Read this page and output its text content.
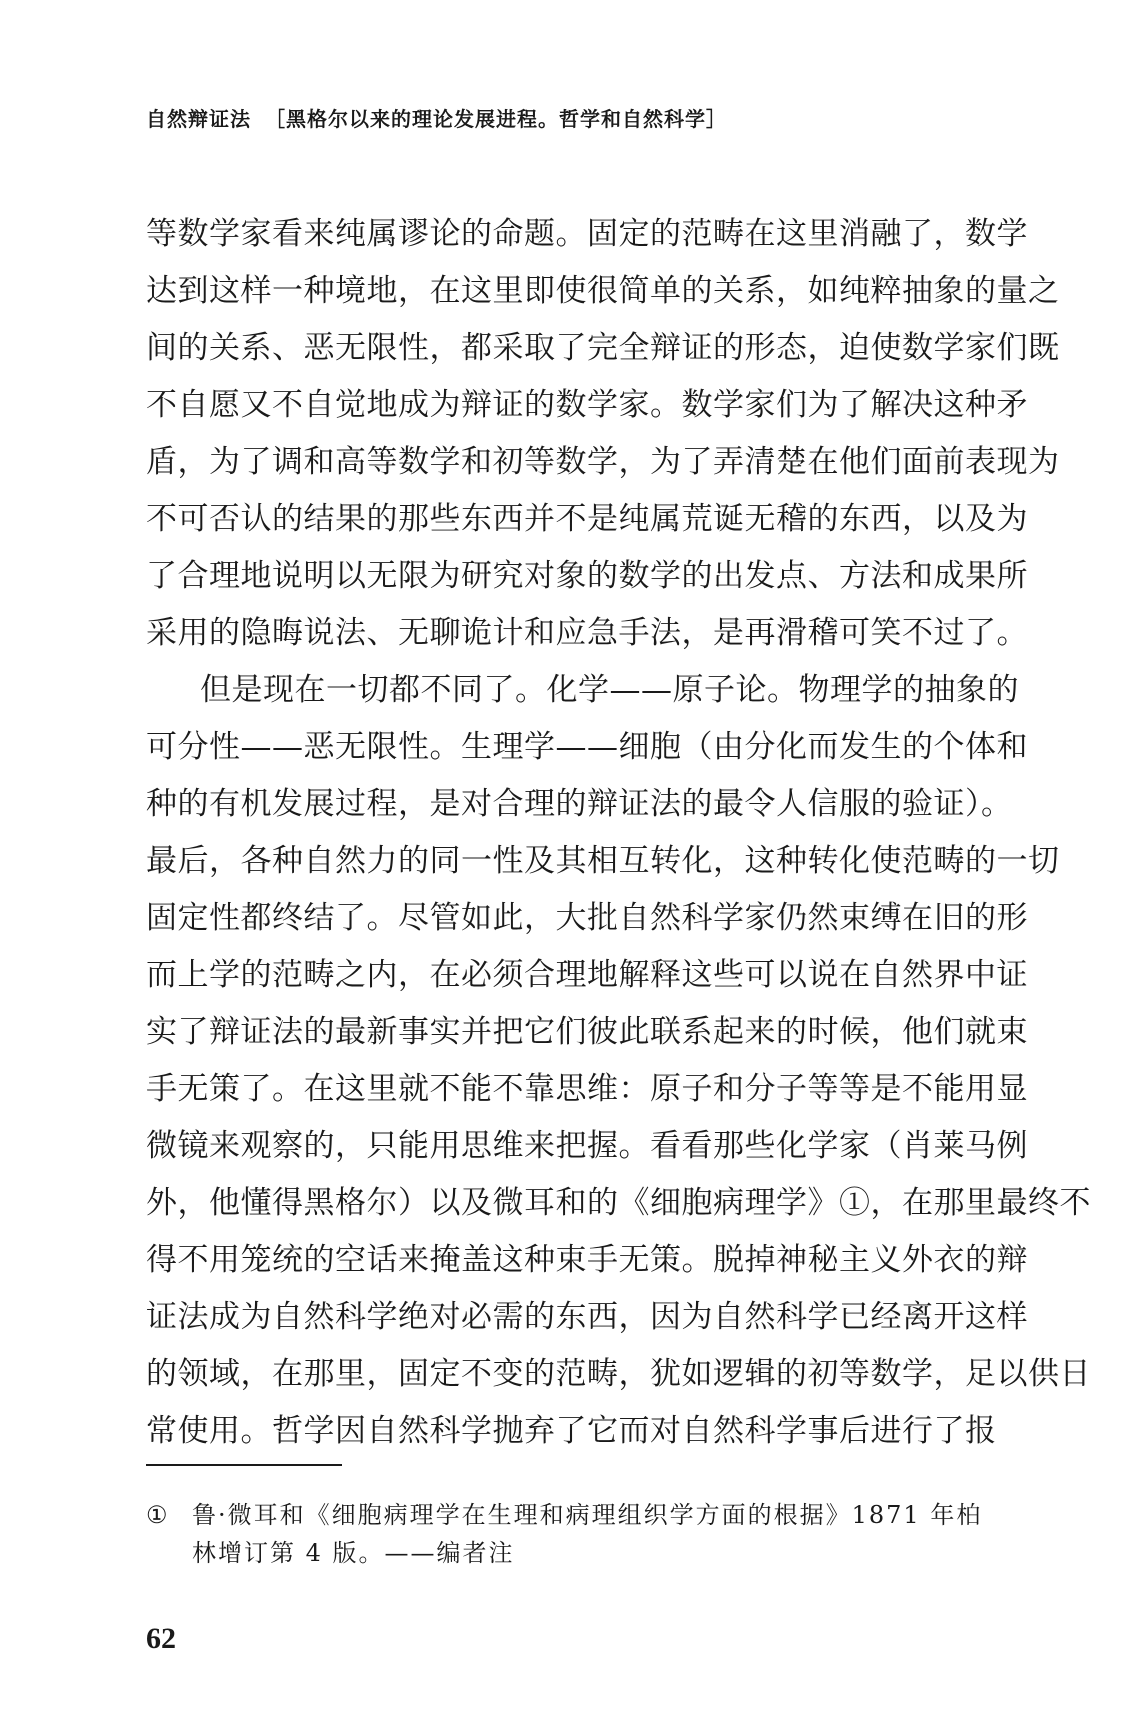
自然辩证法 ［黑格尔以来的理论发展进程。哲学和自然科学］
等数学家看来纯属谬论的命题。固定的范畴在这里消融了，数学
达到这样一种境地，在这里即使很简单的关系，如纯粹抽象的量之
间的关系、恶无限性，都采取了完全辩证的形态，迫使数学家们既
不自愿又不自觉地成为辩证的数学家。数学家们为了解决这种矛
盾，为了调和高等数学和初等数学，为了弄清楚在他们面前表现为
不可否认的结果的那些东西并不是纯属荒诞无稽的东西，以及为
了合理地说明以无限为研究对象的数学的出发点、方法和成果所
采用的隐晦说法、无聊诡计和应急手法，是再滑稽可笑不过了。
但是现在一切都不同了。化学——原子论。物理学的抽象的
可分性——恶无限性。生理学——细胞（由分化而发生的个体和
种的有机发展过程，是对合理的辩证法的最令人信服的验证）。
最后，各种自然力的同一性及其相互转化，这种转化使范畴的一切
固定性都终结了。尽管如此，大批自然科学家仍然束缚在旧的形
而上学的范畴之内，在必须合理地解释这些可以说在自然界中证
实了辩证法的最新事实并把它们彼此联系起来的时候，他们就束
手无策了。在这里就不能不靠思维：原子和分子等等是不能用显
微镜来观察的，只能用思维来把握。看看那些化学家（肖莱马例
外，他懂得黑格尔）以及微耳和的《细胞病理学》①，在那里最终不
得不用笼统的空话来掩盖这种束手无策。脱掉神秘主义外衣的辩
证法成为自然科学绝对必需的东西，因为自然科学已经离开这样
的领域，在那里，固定不变的范畴，犹如逻辑的初等数学，足以供日
常使用。哲学因自然科学抛弃了它而对自然科学事后进行了报
① 鲁·微耳和《细胞病理学在生理和病理组织学方面的根据》1871 年柏
林增订第 4 版。——编者注
62
